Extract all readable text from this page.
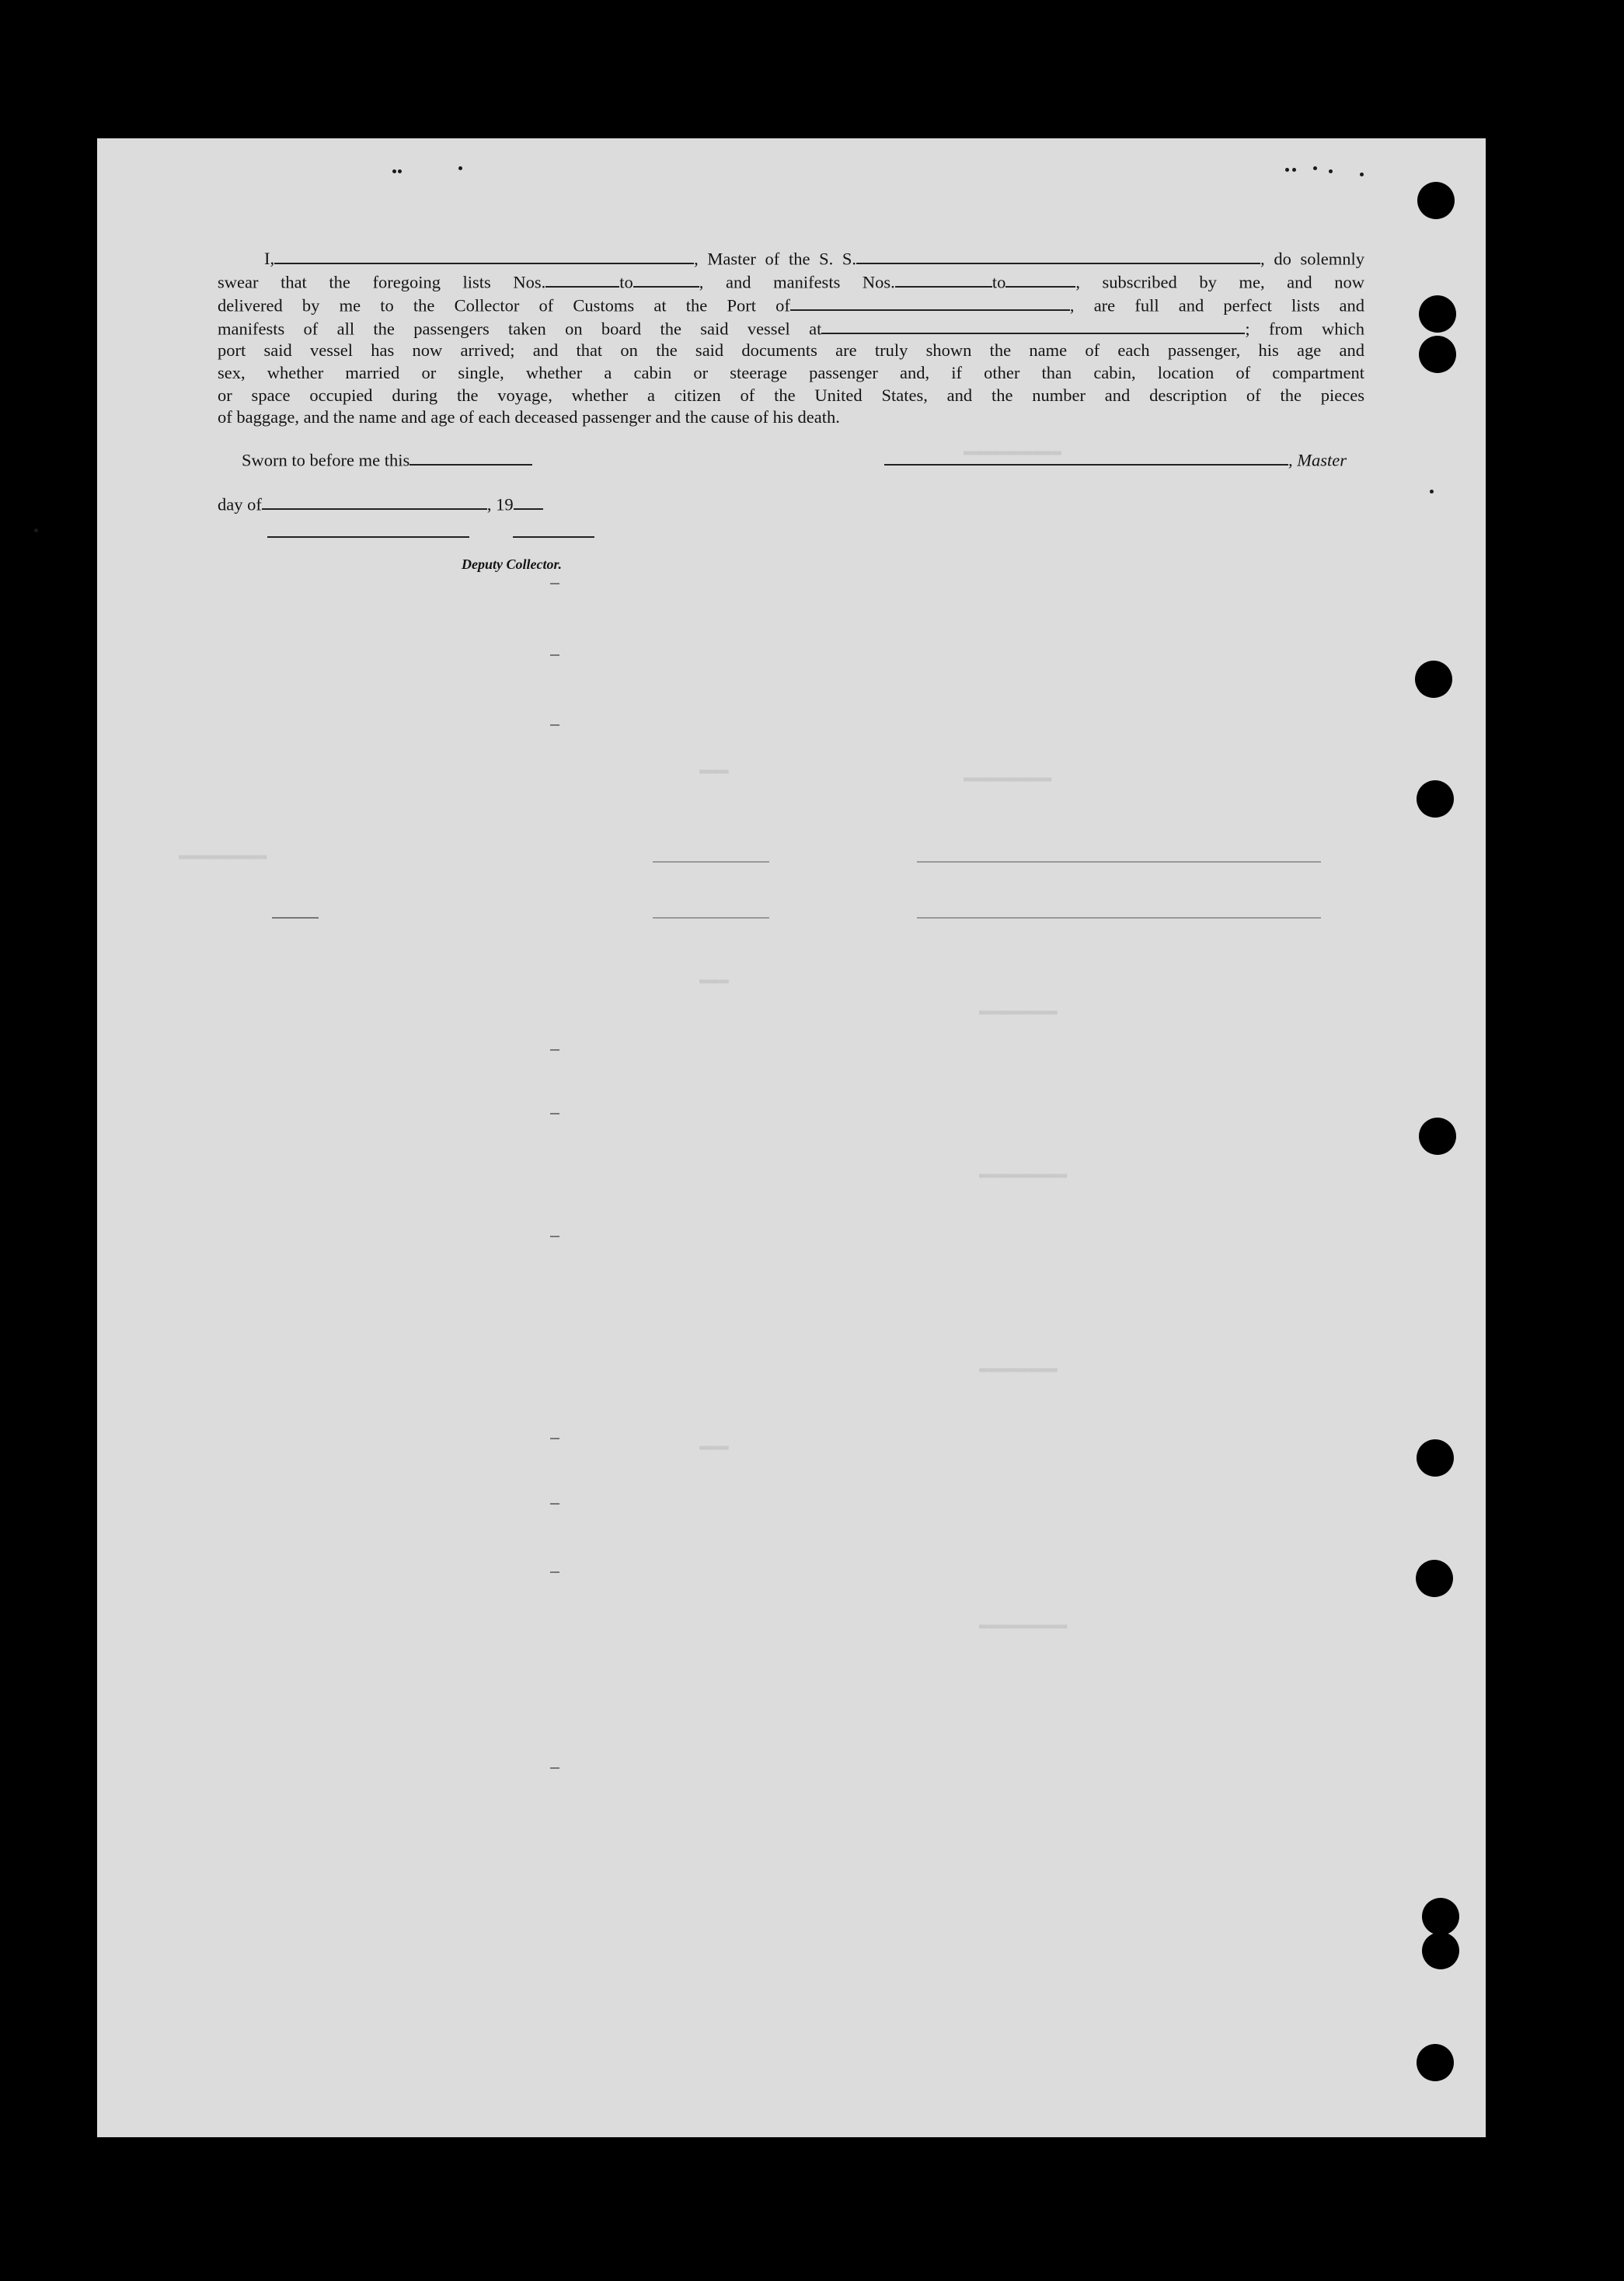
I,	, Master of the S. S.	, do solemnly
swear that the foregoing lists Nos.	to	, and manifests Nos.	to	, subscribed by me, and now
delivered by me to the Collector of Customs at the Port of	, are full and perfect lists and
manifests of all the passengers taken on board the said vessel at	; from which
port said vessel has now arrived; and that on the said documents are truly shown the name of each passenger, his age and
sex, whether married or single, whether a cabin or steerage passenger and, if other than cabin, location of compartment
or space occupied during the voyage, whether a citizen of the United States, and the number and description of the pieces
of baggage, and the name and age of each deceased passenger and the cause of his death.
Sworn to before me this	, Master
day of	, 19
Deputy Collector.
▬▬▬▬▬▬▬▬▬▬
▬▬▬▬▬▬▬▬▬
▬▬▬▬▬▬▬▬
▬▬▬▬▬▬▬▬▬
▬▬▬▬▬▬▬▬
▬▬▬▬▬▬▬▬▬
▬▬▬▬▬▬▬▬▬
▬▬▬
▬▬▬
▬▬▬
